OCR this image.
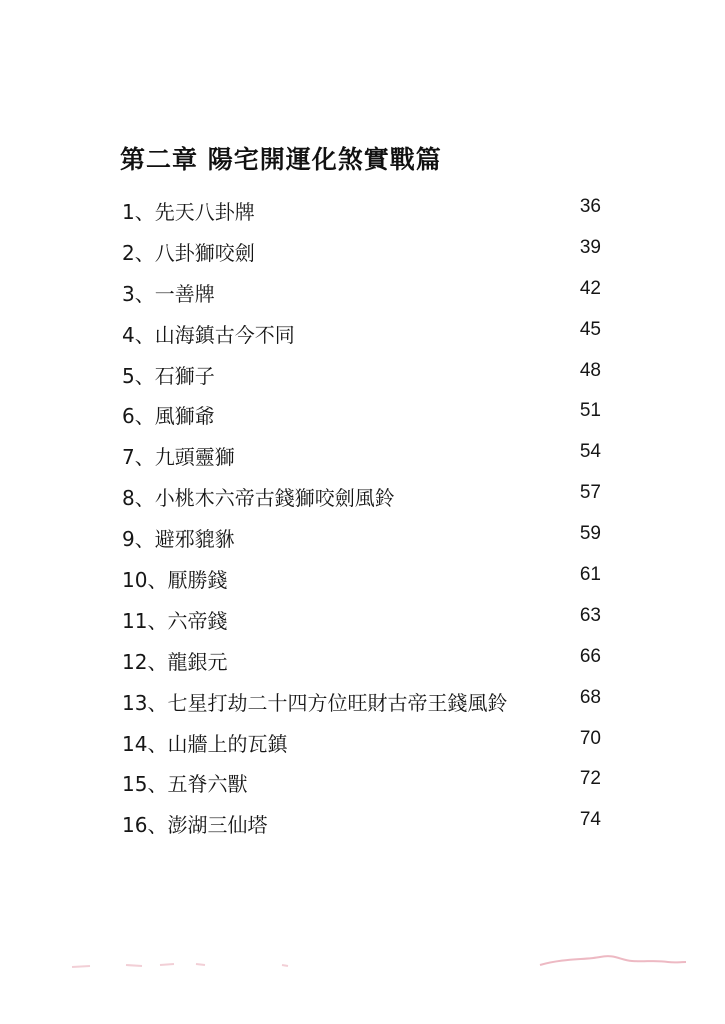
第二章 陽宅開運化煞實戰篇
1、先天八卦牌	36
2、八卦獅咬劍	39
3、一善牌	42
4、山海鎮古今不同	45
5、石獅子	48
6、風獅爺	51
7、九頭靈獅	54
8、小桃木六帝古錢獅咬劍風鈴	57
9、避邪貔貅	59
10、厭勝錢	61
11、六帝錢	63
12、龍銀元	66
13、七星打劫二十四方位旺財古帝王錢風鈴	68
14、山牆上的瓦鎮	70
15、五脊六獸	72
16、澎湖三仙塔	74
